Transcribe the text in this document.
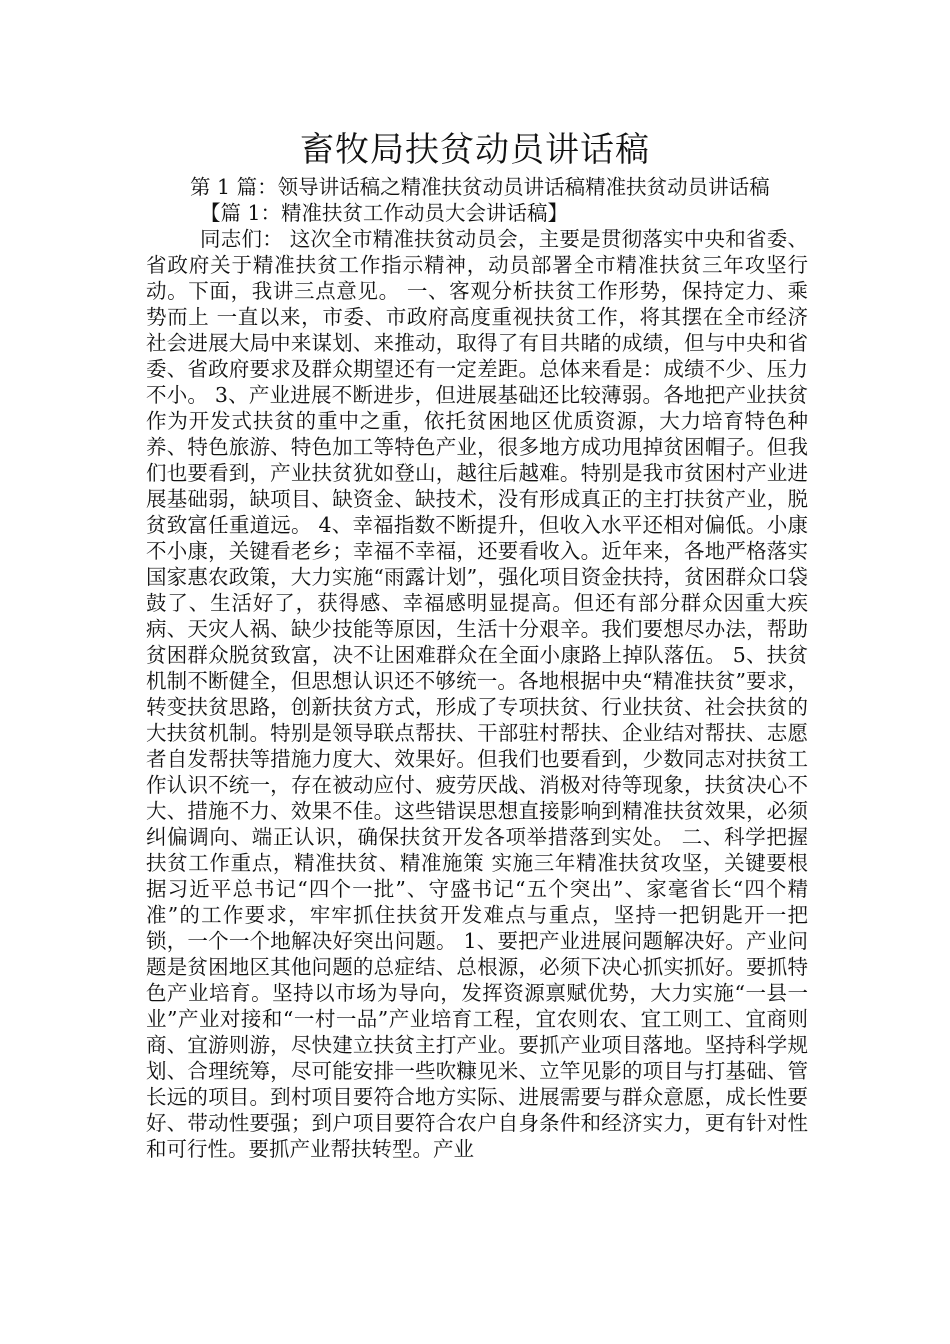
畜牧局扶贫动员讲话稿

第 1 篇：领导讲话稿之精准扶贫动员讲话稿精准扶贫动员讲话稿

【篇 1：精准扶贫工作动员大会讲话稿】

同志们： 这次全市精准扶贫动员会，主要是贯彻落实中央和省委、省政府关于精准扶贫工作指示精神，动员部署全市精准扶贫三年攻坚行动。下面，我讲三点意见。 一、客观分析扶贫工作形势，保持定力、乘势而上 一直以来，市委、市政府高度重视扶贫工作，将其摆在全市经济社会进展大局中来谋划、来推动，取得了有目共睹的成绩，但与中央和省委、省政府要求及群众期望还有一定差距。总体来看是：成绩不少、压力不小。 3、产业进展不断进步，但进展基础还比较薄弱。各地把产业扶贫作为开发式扶贫的重中之重，依托贫困地区优质资源，大力培育特色种养、特色旅游、特色加工等特色产业，很多地方成功甩掉贫困帽子。但我们也要看到，产业扶贫犹如登山，越往后越难。特别是我市贫困村产业进展基础弱，缺项目、缺资金、缺技术，没有形成真正的主打扶贫产业，脱贫致富任重道远。 4、幸福指数不断提升，但收入水平还相对偏低。小康不小康，关键看老乡；幸福不幸福，还要看收入。近年来，各地严格落实国家惠农政策，大力实施“雨露计划”，强化项目资金扶持，贫困群众口袋鼓了、生活好了，获得感、幸福感明显提高。但还有部分群众因重大疾病、天灾人祸、缺少技能等原因，生活十分艰辛。我们要想尽办法，帮助贫困群众脱贫致富，决不让困难群众在全面小康路上掉队落伍。 5、扶贫机制不断健全，但思想认识还不够统一。各地根据中央“精准扶贫”要求，转变扶贫思路，创新扶贫方式，形成了专项扶贫、行业扶贫、社会扶贫的大扶贫机制。特别是领导联点帮扶、干部驻村帮扶、企业结对帮扶、志愿者自发帮扶等措施力度大、效果好。但我们也要看到，少数同志对扶贫工作认识不统一，存在被动应付、疲劳厌战、消极对待等现象，扶贫决心不大、措施不力、效果不佳。这些错误思想直接影响到精准扶贫效果，必须纠偏调向、端正认识，确保扶贫开发各项举措落到实处。 二、科学把握扶贫工作重点，精准扶贫、精准施策 实施三年精准扶贫攻坚，关键要根据习近平总书记“四个一批”、守盛书记“五个突出”、家毫省长“四个精准”的工作要求，牢牢抓住扶贫开发难点与重点，坚持一把钥匙开一把锁，一个一个地解决好突出问题。 1、要把产业进展问题解决好。产业问题是贫困地区其他问题的总症结、总根源，必须下决心抓实抓好。要抓特色产业培育。坚持以市场为导向，发挥资源禀赋优势，大力实施“一县一业”产业对接和“一村一品”产业培育工程，宜农则农、宜工则工、宜商则商、宜游则游，尽快建立扶贫主打产业。要抓产业项目落地。坚持科学规划、合理统筹，尽可能安排一些吹糠见米、立竿见影的项目与打基础、管长远的项目。到村项目要符合地方实际、进展需要与群众意愿，成长性要好、带动性要强；到户项目要符合农户自身条件和经济实力，更有针对性和可行性。要抓产业帮扶转型。产业
